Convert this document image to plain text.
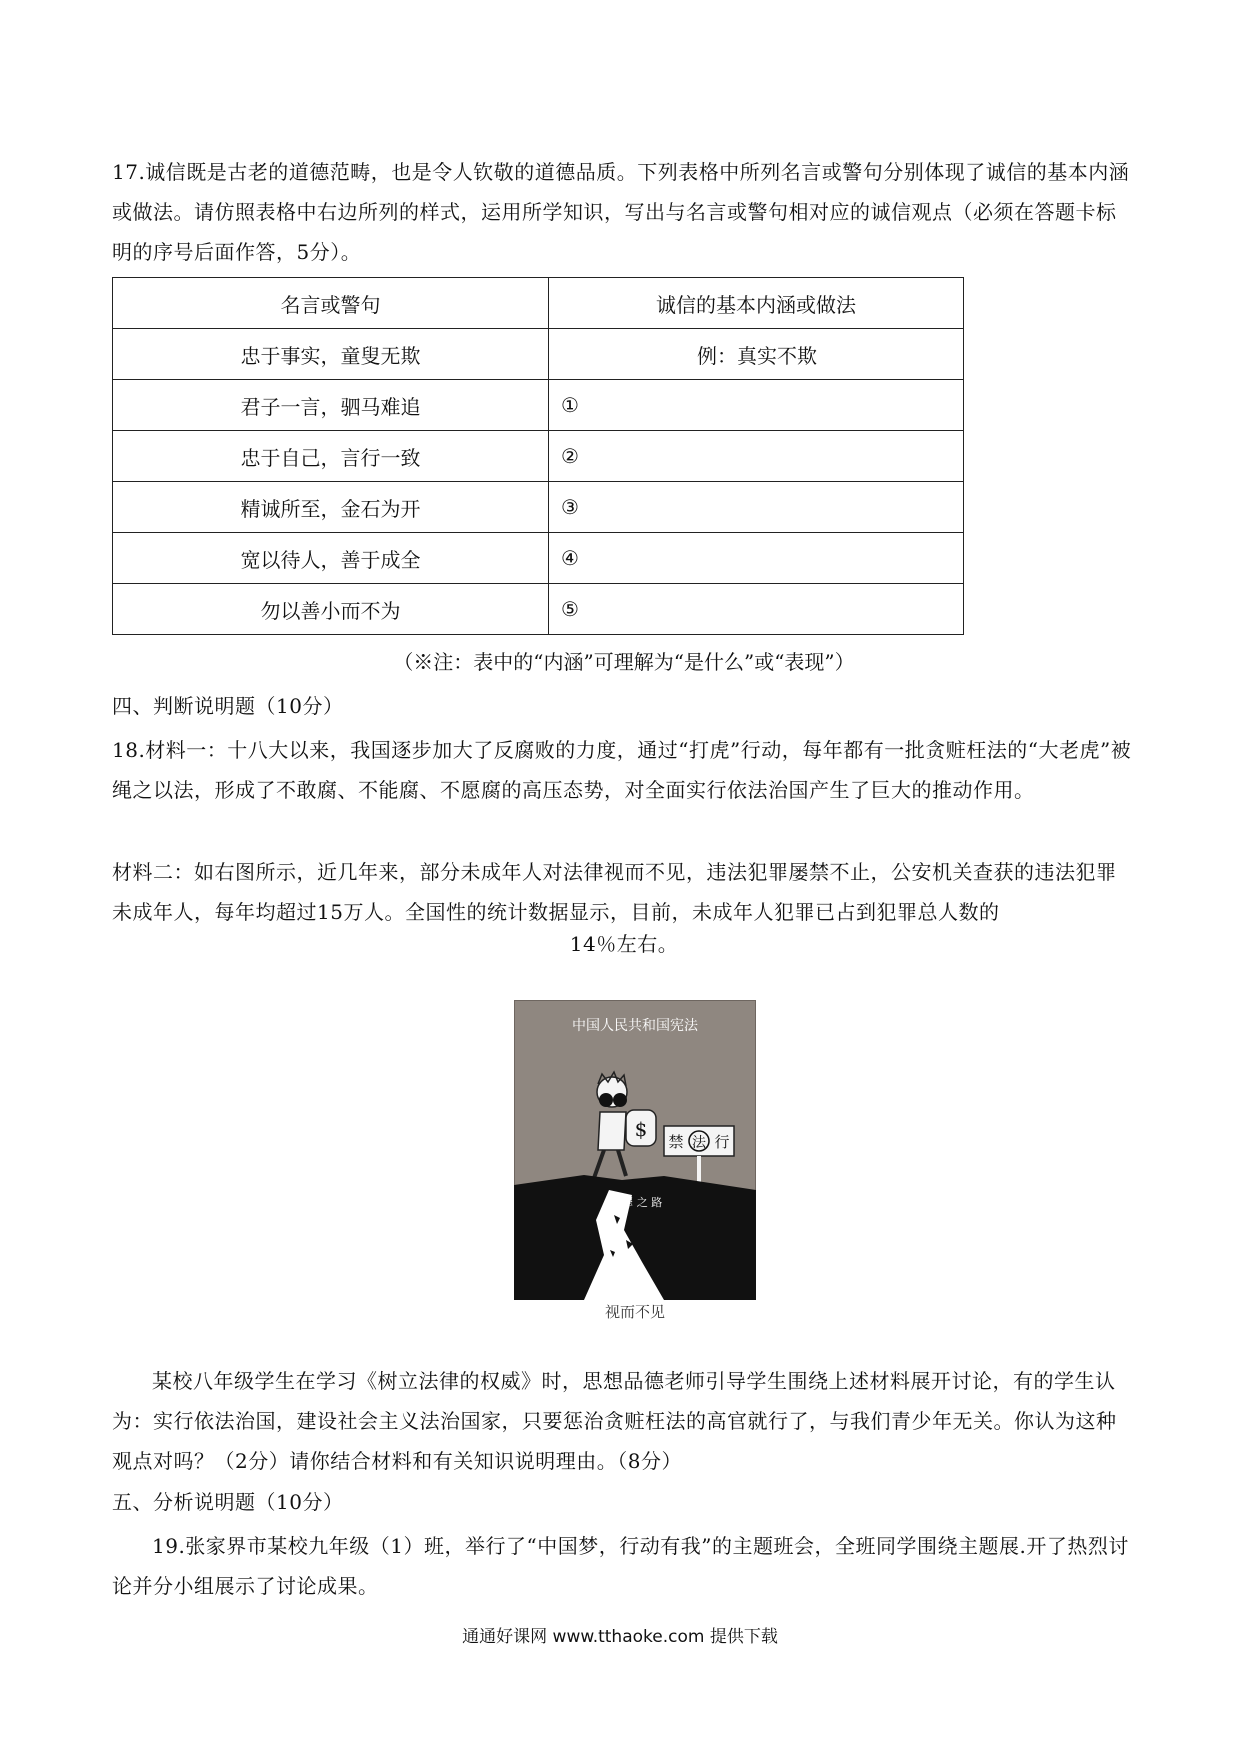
17.诚信既是古老的道德范畴，也是令人钦敬的道德品质。下列表格中所列名言或警句分别体现了诚信的基本内涵或做法。请仿照表格中右边所列的样式，运用所学知识，写出与名言或警句相对应的诚信观点（必须在答题卡标明的序号后面作答，5分）。

名言或警句	诚信的基本内涵或做法
忠于事实，童叟无欺	例：真实不欺
君子一言，驷马难追	①
忠于自己，言行一致	②
精诚所至，金石为开	③
宽以待人，善于成全	④
勿以善小而不为	⑤
（※注：表中的“内涵”可理解为“是什么”或“表现”）

四、判断说明题（10分）

18.材料一：十八大以来，我国逐步加大了反腐败的力度，通过“打虎”行动，每年都有一批贪赃枉法的“大老虎”被绳之以法，形成了不敢腐、不能腐、不愿腐的高压态势，对全面实行依法治国产生了巨大的推动作用。

材料二：如右图所示，近几年来，部分未成年人对法律视而不见，违法犯罪屡禁不止，公安机关查获的违法犯罪未成年人，每年均超过15万人。全国性的统计数据显示，目前，未成年人犯罪已占到犯罪总人数的

14％左右。

中国人民共和国宪法
禁 法 行
$
犯 罪 之 路
视而不见

某校八年级学生在学习《树立法律的权威》时，思想品德老师引导学生围绕上述材料展开讨论，有的学生认为：实行依法治国，建设社会主义法治国家，只要惩治贪赃枉法的高官就行了，与我们青少年无关。你认为这种观点对吗？（2分）请你结合材料和有关知识说明理由。（8分）

五、分析说明题（10分）

19.张家界市某校九年级（1）班，举行了“中国梦，行动有我”的主题班会，全班同学围绕主题展.开了热烈讨论并分小组展示了讨论成果。

通通好课网 www.tthaoke.com 提供下载
